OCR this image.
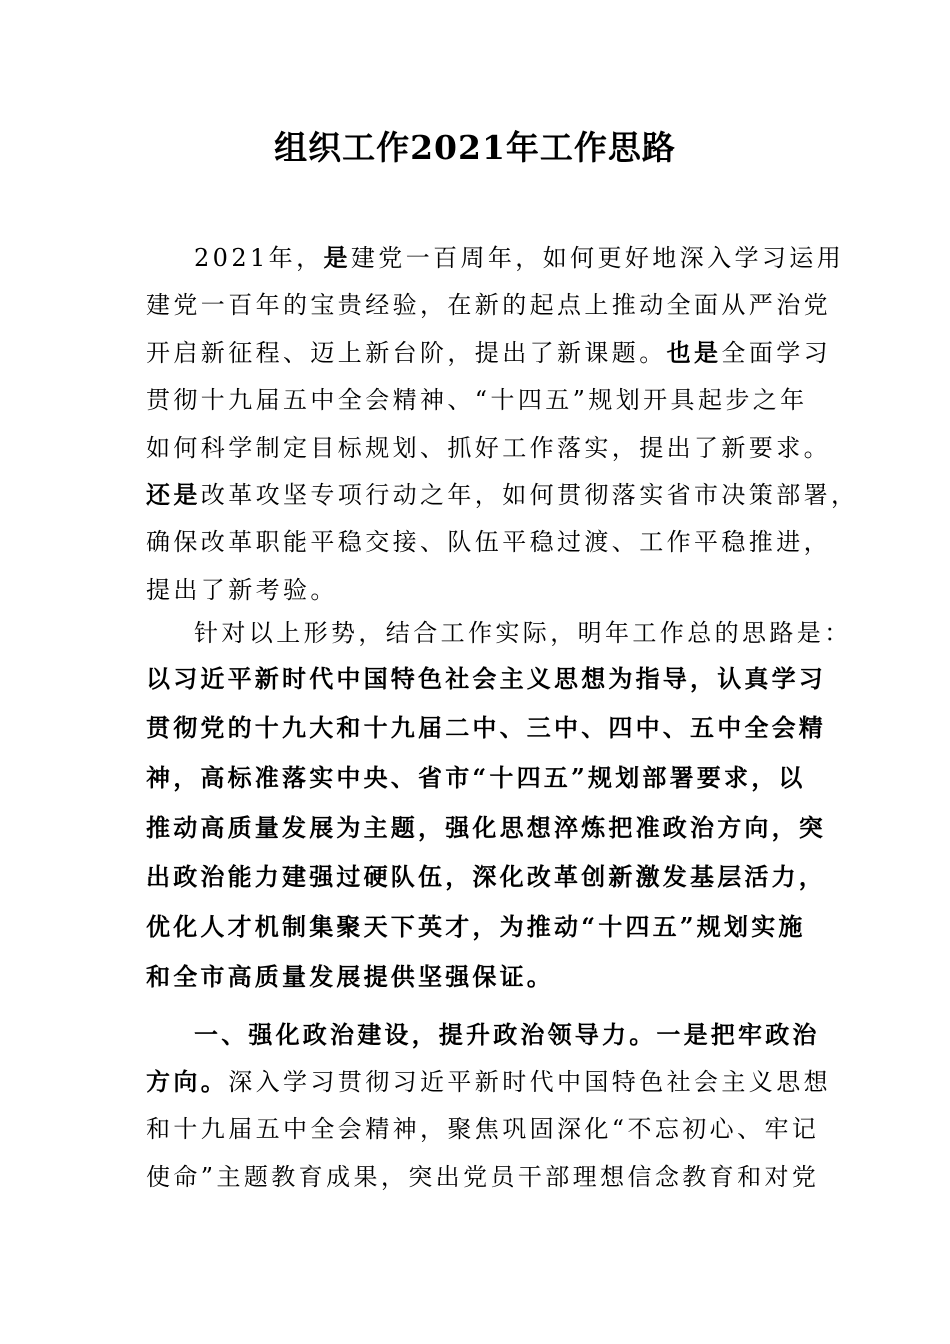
组织工作2021年工作思路

2021年，是建党一百周年，如何更好地深入学习运用

建党一百年的宝贵经验，在新的起点上推动全面从严治党

开启新征程、迈上新台阶，提出了新课题。也是全面学习

贯彻十九届五中全会精神、“十四五”规划开具起步之年

如何科学制定目标规划、抓好工作落实，提出了新要求。

还是改革攻坚专项行动之年，如何贯彻落实省市决策部署，

确保改革职能平稳交接、队伍平稳过渡、工作平稳推进，

提出了新考验。

针对以上形势，结合工作实际，明年工作总的思路是：

以习近平新时代中国特色社会主义思想为指导，认真学习

贯彻党的十九大和十九届二中、三中、四中、五中全会精

神，高标准落实中央、省市“十四五”规划部署要求，以

推动高质量发展为主题，强化思想淬炼把准政治方向，突

出政治能力建强过硬队伍，深化改革创新激发基层活力，

优化人才机制集聚天下英才，为推动“十四五”规划实施

和全市高质量发展提供坚强保证。

一、强化政治建设，提升政治领导力。一是把牢政治

方向。深入学习贯彻习近平新时代中国特色社会主义思想

和十九届五中全会精神，聚焦巩固深化“不忘初心、牢记

使命”主题教育成果，突出党员干部理想信念教育和对党
